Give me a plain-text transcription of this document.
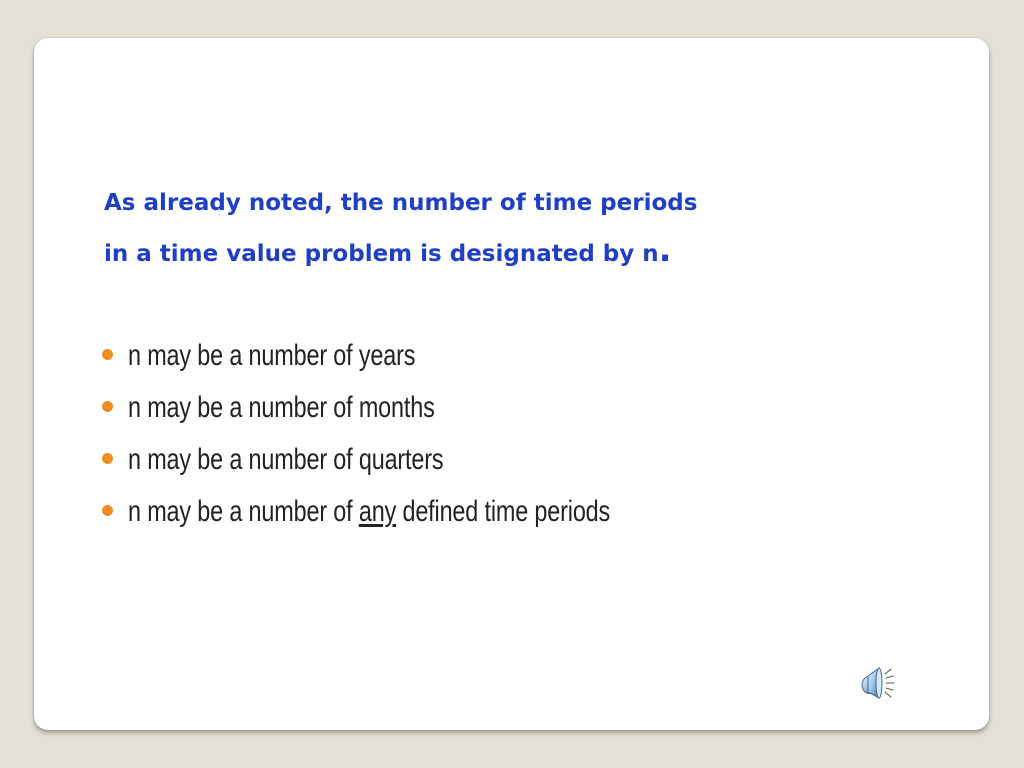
As already noted, the number of time periods
in a time value problem is designated by n.
n may be a number of years
n may be a number of months
n may be a number of quarters
n may be a number of any defined time periods
